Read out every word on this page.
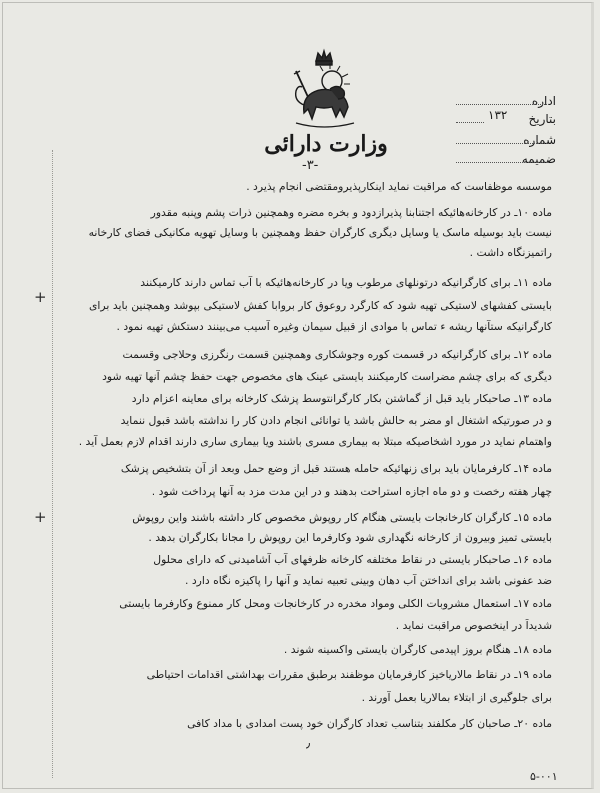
+
+
وزارت دارائی
اداره
بتاریخ
۱۳۲
شماره
ضمیمه
-۳-
موسسه موظفاست که مراقبت نماید اینکارپذیرومقتضی انجام پذیرد .
ماده ۱۰ـ در کارخانه‌هائیکه اجتنابنا پذیرازدود و بخره مضره وهمچنین ذرات پشم وپنبه مقدور
نیست باید بوسیله ماسک یا وسایل دیگری کارگران حفظ وهمچنین با وسایل تهویه مکانیکی فضای کارخانه
راتمیزنگاه داشت .
ماده ۱۱ـ برای کارگرانیکه درتونلهای مرطوب ویا در کارخانه‌هائیکه با آب تماس دارند کارمیکنند
بایستی کفشهای لاستیکی تهیه شود که کارگرد روعوق کار بروابا کفش لاستیکی بپوشد وهمچنین باید برای
کارگرانیکه ستآنها ریشه ء تماس با موادی از قبیل سیمان وغیره آسیب می‌بینند دستکش تهیه نمود .
ماده ۱۲ـ برای کارگرانیکه در قسمت کوره وجوشکاری وهمچنین قسمت رنگرزی وحلاجی وقسمت
دیگری که برای چشم مضراست کارمیکنند بایستی عینک های مخصوص جهت حفظ چشم آنها تهیه شود
ماده ۱۳ـ صاحبکار باید قبل از گماشتن بکار کارگرانتوسط پزشک کارخانه برای معاینه اعزام دارد
و در صورتیکه اشتغال او مضر به حالش باشد یا توانائی انجام دادن کار را نداشته باشد قبول ننماید
واهتمام نماید در مورد اشخاصیکه مبتلا به بیماری مسری باشند ویا بیماری ساری دارند اقدام لازم بعمل آید .
ماده ۱۴ـ کارفرمایان باید برای زنهائیکه حامله هستند قبل از وضع حمل وبعد از آن بتشخیص پزشک
چهار هفته رخصت و دو ماه اجازه استراحت بدهند و در این مدت مزد به آنها پرداخت شود .
ماده ۱۵ـ کارگران کارخانجات بایستی هنگام کار روپوش مخصوص کار داشته باشند واین روپوش
بایستی تمیز وبیرون از کارخانه نگهداری شود وکارفرما این روپوش را مجانا بکارگران بدهد .
ماده ۱۶ـ صاحبکار بایستی در نقاط مختلفه کارخانه ظرفهای آب آشامیدنی که دارای محلول
ضد عفونی باشد برای انداختن آب دهان وبینی تعبیه نماید و آنها را پاکیزه نگاه دارد .
ماده ۱۷ـ استعمال مشروبات الکلی ومواد مخدره در کارخانجات ومحل کار ممنوع وکارفرما بایستی
شدیداً در اینخصوص مراقبت نماید .
ماده ۱۸ـ هنگام بروز اپیدمی کارگران بایستی واکسینه شوند .
ماده ۱۹ـ در نقاط مالاریاخیز کارفرمایان موظفند برطبق مقررات بهداشتی اقدامات احتیاطی
برای جلوگیری از ابتلاء بمالاریا بعمل آورند .
ماده ۲۰ـ صاحبان کار مکلفند بتناسب تعداد کارگران خود پست امدادی با مداد کافی
٫
۵-۰۰۱
